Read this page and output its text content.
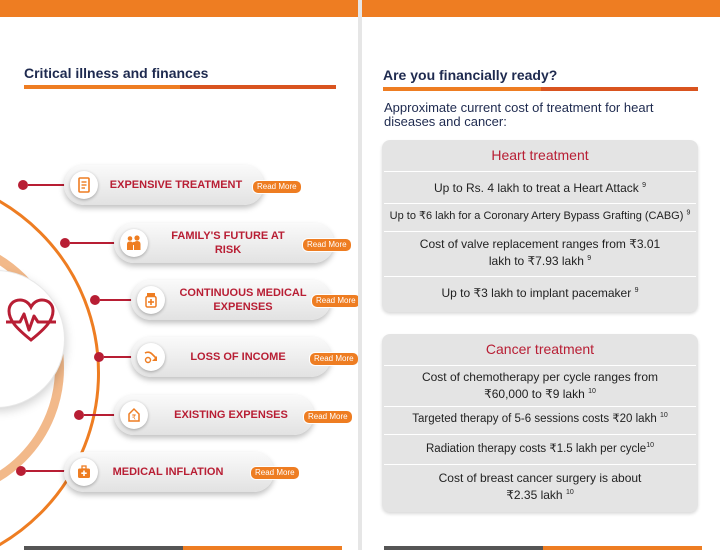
Critical illness and finances
EXPENSIVE TREATMENT	Read More
FAMILY'S FUTURE AT RISK	Read More
CONTINUOUS MEDICAL
EXPENSES
Read More
LOSS OF INCOME	Read More
₹	EXISTING EXPENSES	Read More
MEDICAL INFLATION	Read More
Are you financially ready?
Approximate current cost of treatment for heart diseases and cancer:
Heart treatment
Up to Rs. 4 lakh to treat a Heart Attack $^9$
Up to ₹6 lakh for a Coronary Artery Bypass Grafting (CABG) $^9$
Cost of valve replacement ranges from ₹3.01
lakh to ₹7.93 lakh $^9$
Up to ₹3 lakh to implant pacemaker $^9$
Cancer treatment
Cost of chemotherapy per cycle ranges from
₹60,000 to ₹9 lakh $^{10}$
Targeted therapy of 5-6 sessions costs ₹20 lakh $^{10}$
Radiation therapy costs ₹1.5 lakh per cycle$^{10}$
Cost of breast cancer surgery is about
₹2.35 lakh $^{10}$
